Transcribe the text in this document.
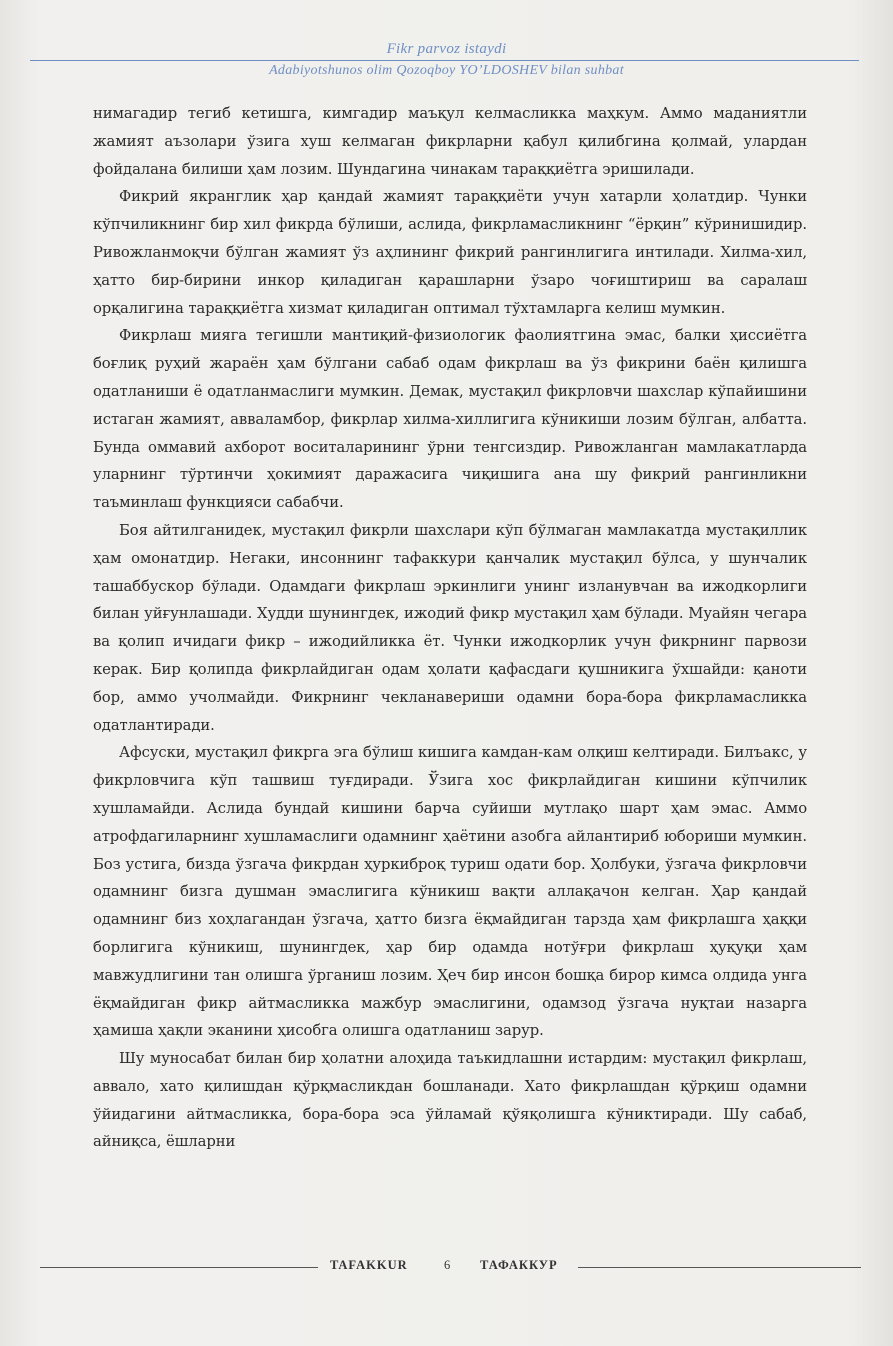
Fikr parvoz istaydi
Adabiyotshunos olim Qozoqboy YO’LDOSHEV bilan suhbat

нимагадир тегиб кетишга, кимгадир маъқул келмасликка маҳкум. Аммо маданиятли жамият аъзолари ўзига хуш келмаган фикрларни қабул қилибгина қолмай, улардан фойдалана билиши ҳам лозим. Шундагина чинакам тараққиётга эришилади.

Фикрий якранглик ҳар қандай жамият тараққиёти учун хатарли ҳолатдир. Чунки кўпчиликнинг бир хил фикрда бўлиши, аслида, фикрламасликнинг “ёрқин” кўринишидир. Ривожланмоқчи бўлган жамият ўз аҳлининг фикрий рангинлигига интилади. Хилма-хил, ҳатто бир-бирини инкор қиладиган қарашларни ўзаро чоғиштириш ва саралаш орқалигина тараққиётга хизмат қиладиган оптимал тўхтамларга келиш мумкин.

Фикрлаш мияга тегишли мантиқий-физиологик фаолиятгина эмас, балки ҳиссиётга боғлиқ руҳий жараён ҳам бўлгани сабаб одам фикрлаш ва ўз фикрини баён қилишга одатланиши ё одатланмаслиги мумкин. Демак, мустақил фикрловчи шахслар кўпайишини истаган жамият, авваламбор, фикрлар хилма-хиллигига кўникиши лозим бўлган, албатта. Бунда оммавий ахборот воситаларининг ўрни тенгсиздир. Ривожланган мамлакатларда уларнинг тўртинчи ҳокимият даражасига чиқишига ана шу фикрий рангинликни таъминлаш функцияси сабабчи.

Боя айтилганидек, мустақил фикрли шахслари кўп бўлмаган мамлакатда мустақиллик ҳам омонатдир. Негаки, инсоннинг тафаккури қанчалик мустақил бўлса, у шунчалик ташаббускор бўлади. Одамдаги фикрлаш эркинлиги унинг изланувчан ва ижодкорлиги билан уйғунлашади. Худди шунингдек, ижодий фикр мустақил ҳам бўлади. Муайян чегара ва қолип ичидаги фикр – ижодийликка ёт. Чунки ижодкорлик учун фикрнинг парвози керак. Бир қолипда фикрлайдиган одам ҳолати қафасдаги қушникига ўхшайди: қаноти бор, аммо учолмайди. Фикрнинг чекланавериши одамни бора-бора фикрламасликка одатлантиради.

Афсуски, мустақил фикрга эга бўлиш кишига камдан-кам олқиш келтиради. Билъакс, у фикрловчига кўп ташвиш туғдиради. Ўзига хос фикрлайдиган кишини кўпчилик хушламайди. Аслида бундай кишини барча суйиши мутлақо шарт ҳам эмас. Аммо атрофдагиларнинг хушламаслиги одамнинг ҳаётини азобга айлантириб юбориши мумкин. Боз устига, бизда ўзгача фикрдан ҳуркиброқ туриш одати бор. Ҳолбуки, ўзгача фикрловчи одамнинг бизга душман эмаслигига кўникиш вақти аллақачон келган. Ҳар қандай одамнинг биз хоҳлагандан ўзгача, ҳатто бизга ёқмайдиган тарзда ҳам фикрлашга ҳаққи борлигига кўникиш, шунингдек, ҳар бир одамда нотўғри фикрлаш ҳуқуқи ҳам мавжудлигини тан олишга ўрганиш лозим. Ҳеч бир инсон бошқа бирор кимса олдида унга ёқмайдиган фикр айтмасликка мажбур эмаслигини, одамзод ўзгача нуқтаи назарга ҳамиша ҳақли эканини ҳисобга олишга одатланиш зарур.

Шу муносабат билан бир ҳолатни алоҳида таъкидлашни истардим: мустақил фикрлаш, аввало, хато қилишдан қўрқмасликдан бошланади. Хато фикрлашдан қўрқиш одамни ўйидагини айтмасликка, бора-бора эса ўйламай қўяқолишга кўниктиради. Шу сабаб, айниқса, ёшларни

TAFAKKUR	6 ТАФАККУР
